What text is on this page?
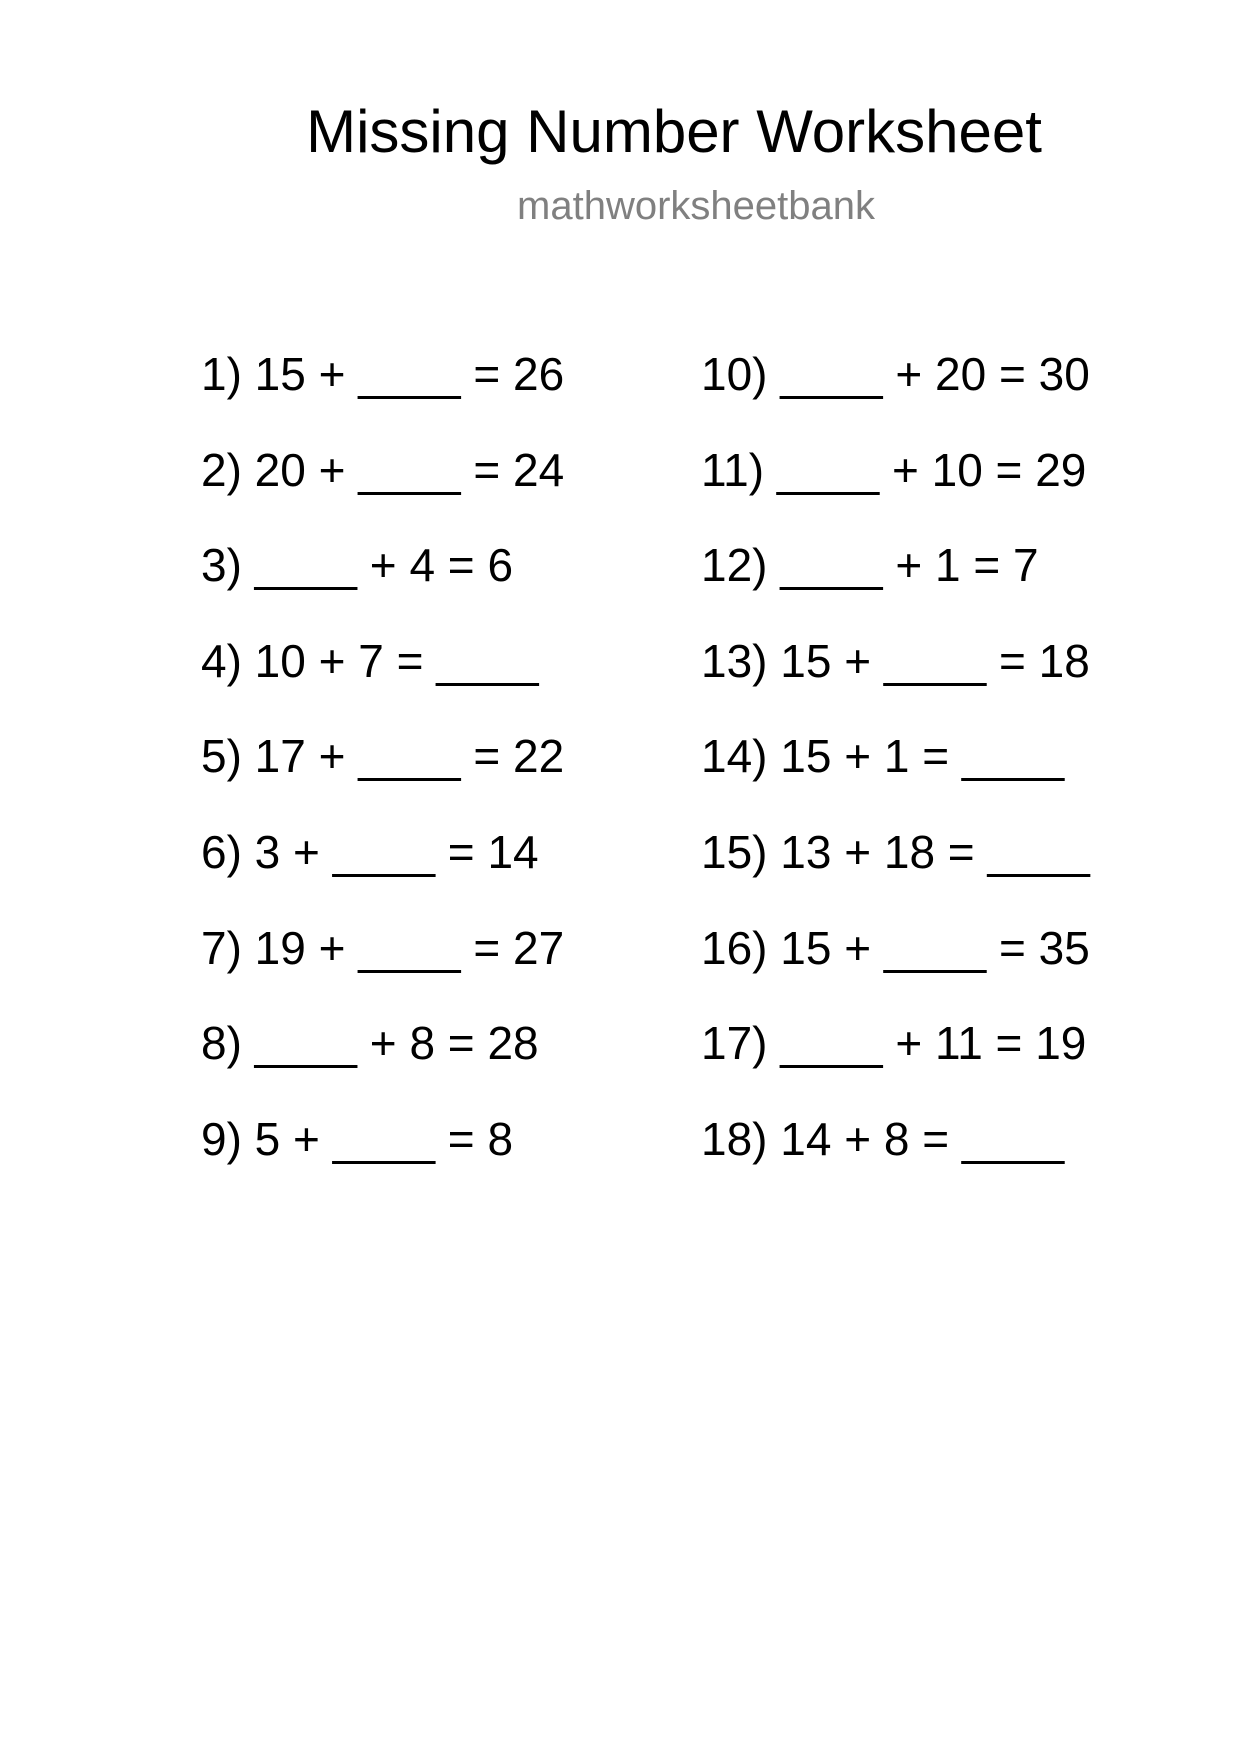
Missing Number Worksheet
mathworksheetbank
1) 15 + ____ = 26
2) 20 + ____ = 24
3) ____ + 4 = 6
4) 10 + 7 = ____
5) 17 + ____ = 22
6) 3 + ____ = 14
7) 19 + ____ = 27
8) ____ + 8 = 28
9) 5 + ____ = 8
10) ____ + 20 = 30
11) ____ + 10 = 29
12) ____ + 1 = 7
13) 15 + ____ = 18
14) 15 + 1 = ____
15) 13 + 18 = ____
16) 15 + ____ = 35
17) ____ + 11 = 19
18) 14 + 8 = ____
